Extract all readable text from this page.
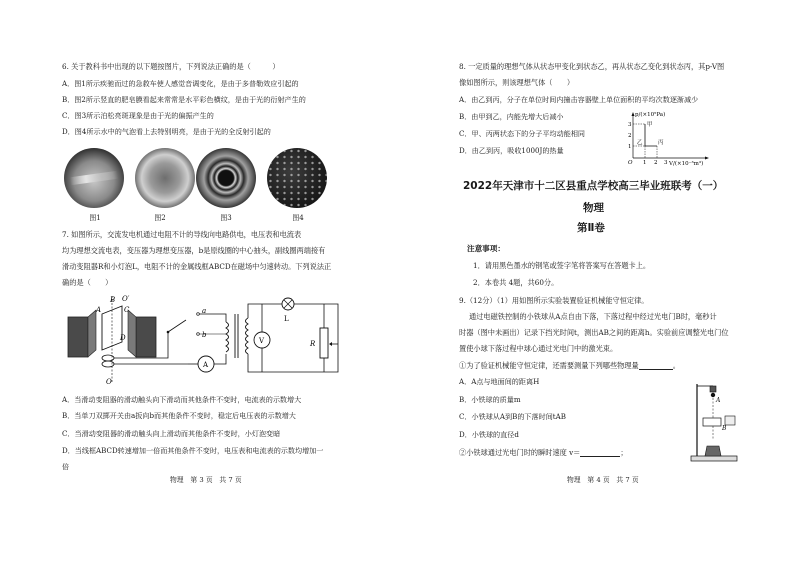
6. 关于教科书中出现的以下题按图片，下列说法正确的是（　　　）
A．图1所示疾驰而过的急救车使人感觉音调变化，是由于多普勒效应引起的
B．图2所示竖直的肥皂膜看起来常常是水平彩色横纹，是由于光的衍射产生的
C．图3所示泊松亮斑现象是由于光的偏振产生的
D．图4所示水中的气泡看上去特别明亮，是由于光的全反射引起的
图1	图2	图3	图4
7. 如图所示，交流发电机通过电阻不计的导线向电路供电，电压表和电流表
均为理想交流电表，变压器为理想变压器，b是原线圈的中心抽头，副线圈两端接有
滑动变阻器R和小灯泡L，电阻不计的金属线框ABCD在磁场中匀速转动。下列说法正
确的是（　　）
B
A	C
D
O′
O
a
b
A
V
L
R
A．当滑动变阻器的滑动触头向下滑动而其他条件不变时，电流表的示数增大
B．当单刀双掷开关由a扳向b而其他条件不变时，稳定后电压表的示数增大
C．当滑动变阻器的滑动触头向上滑动而其他条件不变时，小灯泡变暗
D．当线框ABCD转速增加一倍而其他条件不变时，电压表和电流表的示数均增加一
倍
物理　第 3 页　共 7 页
8. 一定质量的理想气体从状态甲变化到状态乙，再从状态乙变化到状态丙，其p-V图
像如图所示，则该理想气体（　　）
A．由乙到丙，分子在单位时间内撞击容器壁上单位面积的平均次数逐渐减少
B．由甲到乙，内能先增大后减小
C．甲、丙两状态下的分子平均动能相同
D．由乙到丙，吸收1000J的热量
p/(×10⁵Pa)
V/(×10⁻³m³)
3
2
1
O 1 2 3
甲
乙	丙
2022年天津市十二区县重点学校高三毕业班联考（一）
物理
第Ⅱ卷
注意事项：
1．请用黑色墨水的钢笔或签字笔将答案写在答题卡上。
2．本卷共 4题，共60分。
9.（12分）（1）用如图所示实验装置验证机械能守恒定律。
通过电磁铁控制的小铁球从A点自由下落，下落过程中经过光电门B时，毫秒计
时器（图中未画出）记录下挡光时间t，测出AB之间的距离h。实验前应调整光电门位
置使小球下落过程中球心通过光电门中的激光束。
①为了验证机械能守恒定律，还需要测量下列哪些物理量	。
A．A点与地面间的距离H
B．小铁球的质量m
C．小铁球从A到B的下落时间tAB
D．小铁球的直径d
②小铁球通过光电门时的瞬时速度 v＝	；
A
B
物理　第 4 页　共 7 页
